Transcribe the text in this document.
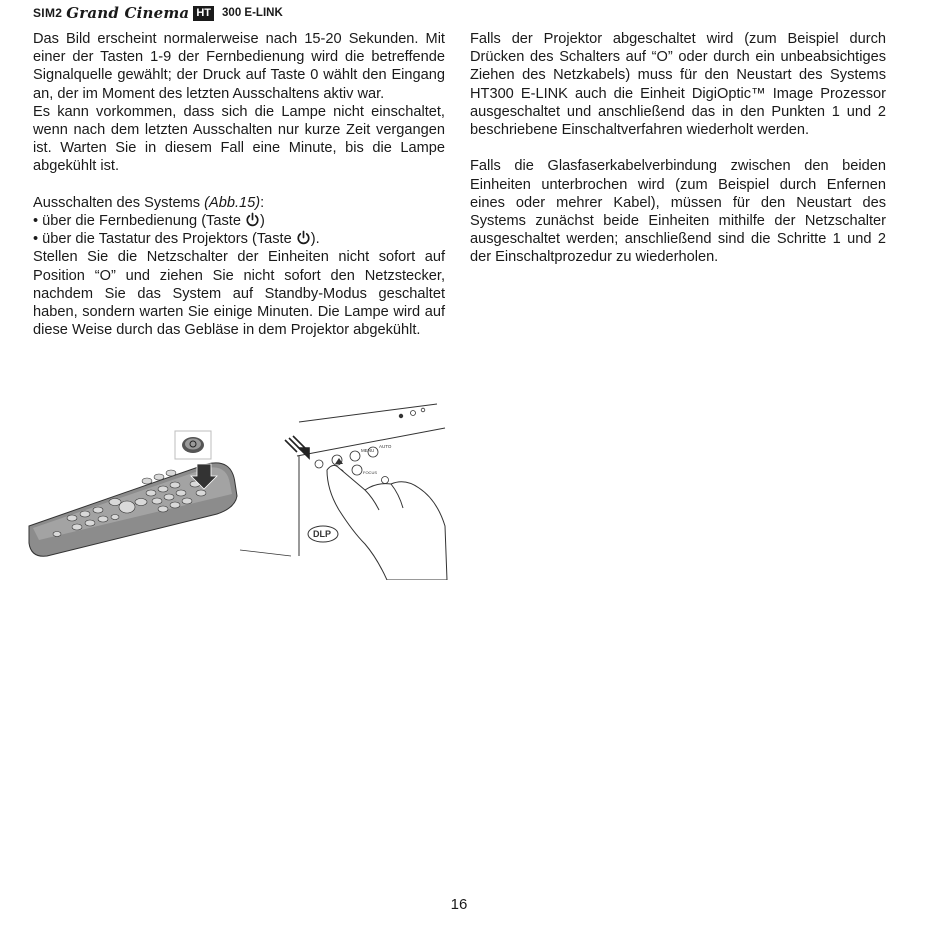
SIM2 Grand Cinema HT 300 E-LINK

Das Bild erscheint normalerweise nach 15-20 Sekunden. Mit einer der Tasten 1-9 der Fernbedienung wird die betreffende Signalquelle gewählt; der Druck auf Taste 0 wählt den Eingang an, der im Moment des letzten Ausschaltens aktiv war.

Es kann vorkommen, dass sich die Lampe nicht einschaltet, wenn nach dem letzten Ausschalten nur kurze Zeit vergangen ist. Warten Sie in diesem Fall eine Minute, bis die Lampe abgekühlt ist.

Ausschalten des Systems (Abb.15):

• über die Fernbedienung (Taste )

• über die Tastatur des Projektors (Taste ).

Stellen Sie die Netzschalter der Einheiten nicht sofort auf Position “O” und ziehen Sie nicht sofort den Netzstecker, nachdem Sie das System auf Standby-Modus geschaltet haben, sondern warten Sie einige Minuten. Die Lampe wird auf diese Weise durch das Gebläse in dem Projektor abgekühlt.

Falls der Projektor abgeschaltet wird (zum Beispiel durch Drücken des Schalters auf “O” oder durch ein unbeabsichtiges Ziehen des Netzkabels) muss für den Neustart des Systems HT300 E-LINK auch die Einheit DigiOptic™ Image Prozessor ausgeschaltet und anschließend das in den Punkten 1 und 2 beschriebene Einschaltverfahren wiederholt werden.

Falls die Glasfaserkabelverbindung zwischen den beiden Einheiten unterbrochen wird (zum Beispiel durch Enfernen eines oder mehrer Kabel), müssen für den Neustart des Systems zunächst beide Einheiten mithilfe der Netzschalter ausgeschaltet werden; anschließend sind die Schritte 1 und 2 der Einschaltprozedur zu wiederholen.

MENU
AUTO
FOCUS
DLP
16
